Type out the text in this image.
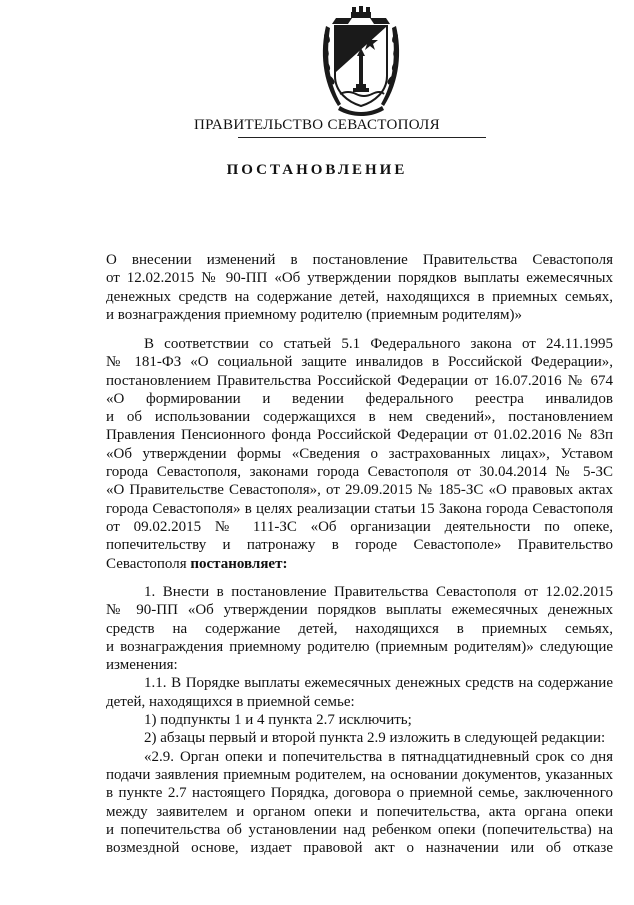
ПРАВИТЕЛЬСТВО СЕВАСТОПОЛЯ
ПОСТАНОВЛЕНИЕ

О внесении изменений в постановление Правительства Севастополя

от 12.02.2015 № 90-ПП «Об утверждении порядков выплаты ежемесячных

денежных средств на содержание детей, находящихся в приемных семьях,

и вознаграждения приемному родителю (приемным родителям)»

В соответствии со статьей 5.1 Федерального закона от 24.11.1995

№ 181-ФЗ «О социальной защите инвалидов в Российской Федерации»,

постановлением Правительства Российской Федерации от 16.07.2016 № 674

«О формировании и ведении федерального реестра инвалидов

и об использовании содержащихся в нем сведений», постановлением

Правления Пенсионного фонда Российской Федерации от 01.02.2016 № 83п

«Об утверждении формы «Сведения о застрахованных лицах», Уставом

города Севастополя, законами города Севастополя от 30.04.2014 № 5-ЗС

«О Правительстве Севастополя», от 29.09.2015 № 185-ЗС «О правовых актах

города Севастополя» в целях реализации статьи 15 Закона города Севастополя

от 09.02.2015 № 111-ЗС «Об организации деятельности по опеке,

попечительству и патронажу в городе Севастополе» Правительство

Севастополя постановляет:

1. Внести в постановление Правительства Севастополя от 12.02.2015

№ 90-ПП «Об утверждении порядков выплаты ежемесячных денежных

средств на содержание детей, находящихся в приемных семьях,

и вознаграждения приемному родителю (приемным родителям)» следующие

изменения:

1.1. В Порядке выплаты ежемесячных денежных средств на содержание

детей, находящихся в приемной семье:

1) подпункты 1 и 4 пункта 2.7 исключить;

2) абзацы первый и второй пункта 2.9 изложить в следующей редакции:

«2.9. Орган опеки и попечительства в пятнадцатидневный срок со дня

подачи заявления приемным родителем, на основании документов, указанных

в пункте 2.7 настоящего Порядка, договора о приемной семье, заключенного

между заявителем и органом опеки и попечительства, акта органа опеки

и попечительства об установлении над ребенком опеки (попечительства) на

возмездной основе, издает правовой акт о назначении или об отказе
